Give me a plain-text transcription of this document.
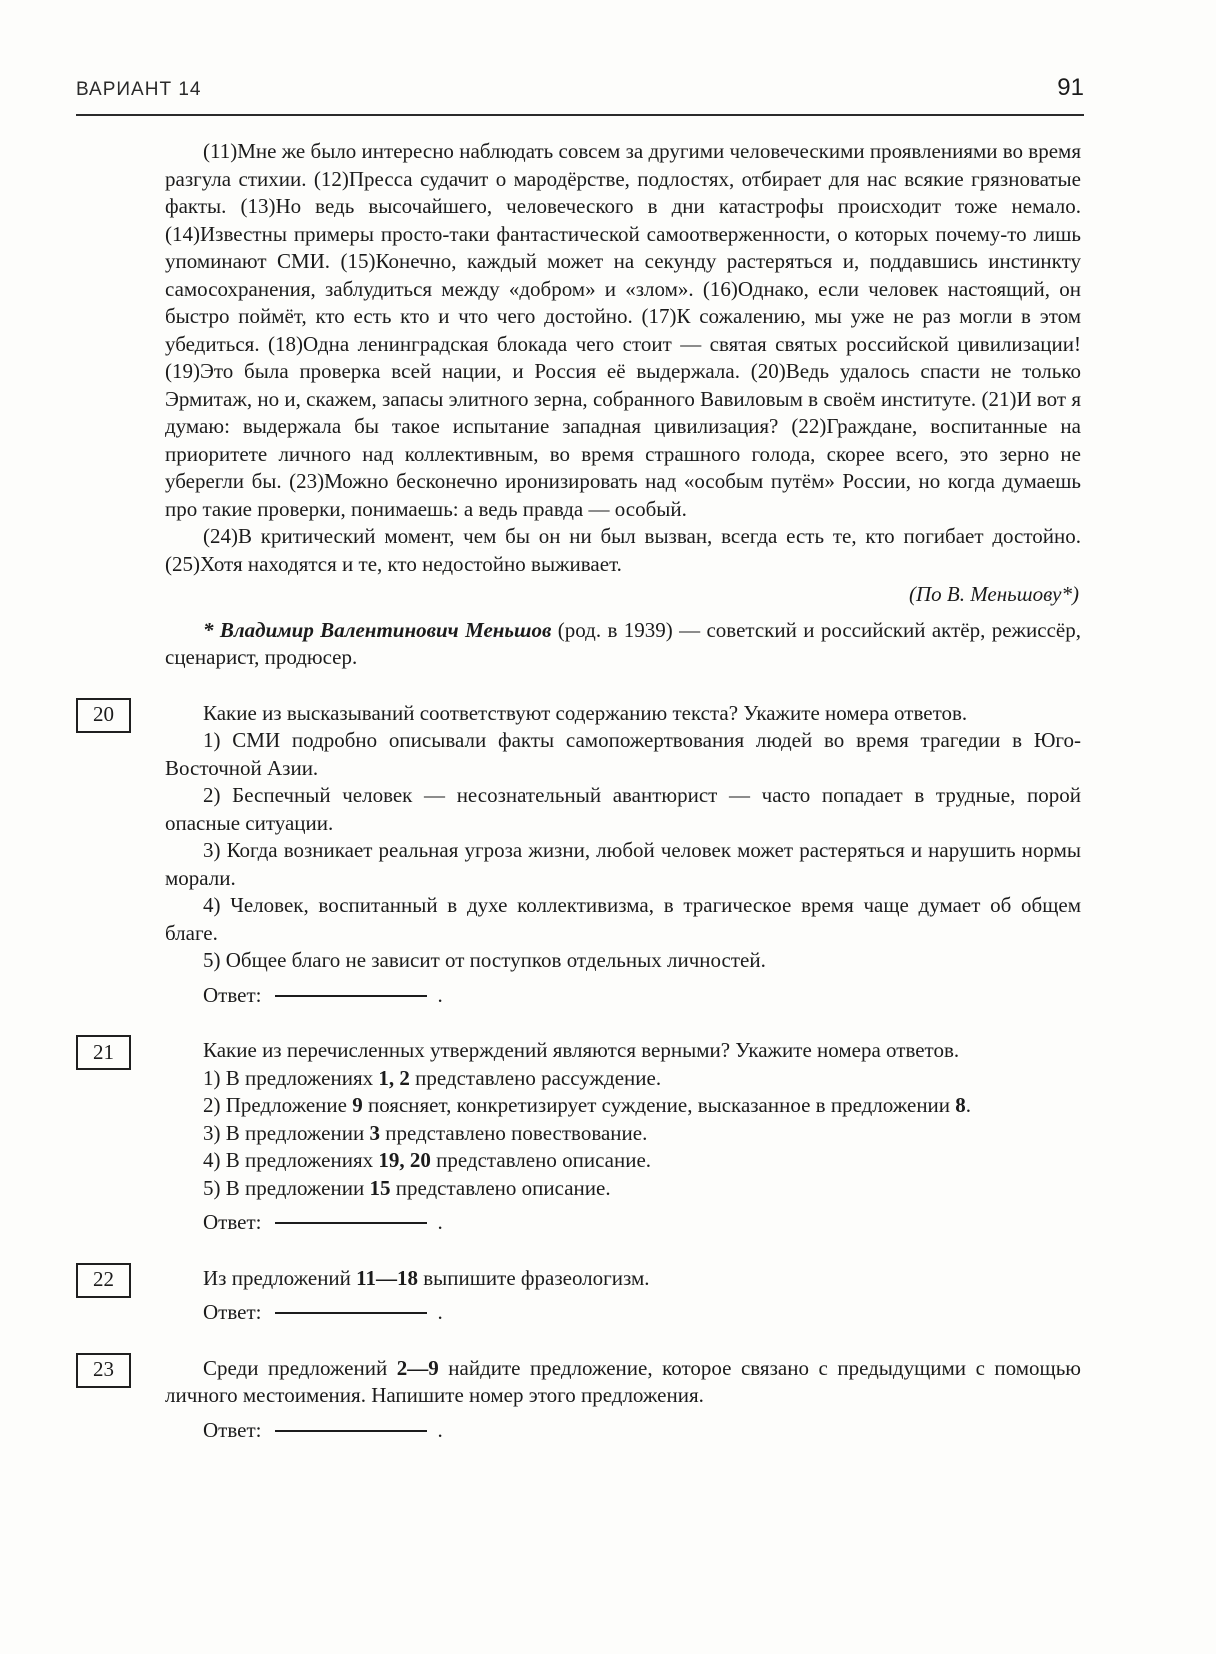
ВАРИАНТ 14	91

(11)Мне же было интересно наблюдать совсем за другими человеческими проявлениями во время разгула стихии. (12)Пресса судачит о мародёрстве, подлостях, отбирает для нас всякие грязноватые факты. (13)Но ведь высочайшего, человеческого в дни катастрофы происходит тоже немало. (14)Известны примеры просто-таки фантастической самоотверженности, о которых почему-то лишь упоминают СМИ. (15)Конечно, каждый может на секунду растеряться и, поддавшись инстинкту самосохранения, заблудиться между «добром» и «злом». (16)Однако, если человек настоящий, он быстро поймёт, кто есть кто и что чего достойно. (17)К сожалению, мы уже не раз могли в этом убедиться. (18)Одна ленинградская блокада чего стоит — святая святых российской цивилизации! (19)Это была проверка всей нации, и Россия её выдержала. (20)Ведь удалось спасти не только Эрмитаж, но и, скажем, запасы элитного зерна, собранного Вавиловым в своём институте. (21)И вот я думаю: выдержала бы такое испытание западная цивилизация? (22)Граждане, воспитанные на приоритете личного над коллективным, во время страшного голода, скорее всего, это зерно не уберегли бы. (23)Можно бесконечно иронизировать над «особым путём» России, но когда думаешь про такие проверки, понимаешь: а ведь правда — особый.

(24)В критический момент, чем бы он ни был вызван, всегда есть те, кто погибает достойно. (25)Хотя находятся и те, кто недостойно выживает.

(По В. Меньшову*)

* Владимир Валентинович Меньшов (род. в 1939) — советский и российский актёр, режиссёр, сценарист, продюсер.

20	Какие из высказываний соответствуют содержанию текста? Укажите номера ответов.

1) СМИ подробно описывали факты самопожертвования людей во время трагедии в Юго-Восточной Азии.

2) Беспечный человек — несознательный авантюрист — часто попадает в трудные, порой опасные ситуации.

3) Когда возникает реальная угроза жизни, любой человек может растеряться и нарушить нормы морали.

4) Человек, воспитанный в духе коллективизма, в трагическое время чаще думает об общем благе.

5) Общее благо не зависит от поступков отдельных личностей.

Ответ:	.

21	Какие из перечисленных утверждений являются верными? Укажите номера ответов.

1) В предложениях 1, 2 представлено рассуждение.

2) Предложение 9 поясняет, конкретизирует суждение, высказанное в предложении 8.

3) В предложении 3 представлено повествование.

4) В предложениях 19, 20 представлено описание.

5) В предложении 15 представлено описание.

Ответ:	.

22	Из предложений 11—18 выпишите фразеологизм.

Ответ:	.

23	Среди предложений 2—9 найдите предложение, которое связано с предыдущими с помощью личного местоимения. Напишите номер этого предложения.

Ответ:	.
